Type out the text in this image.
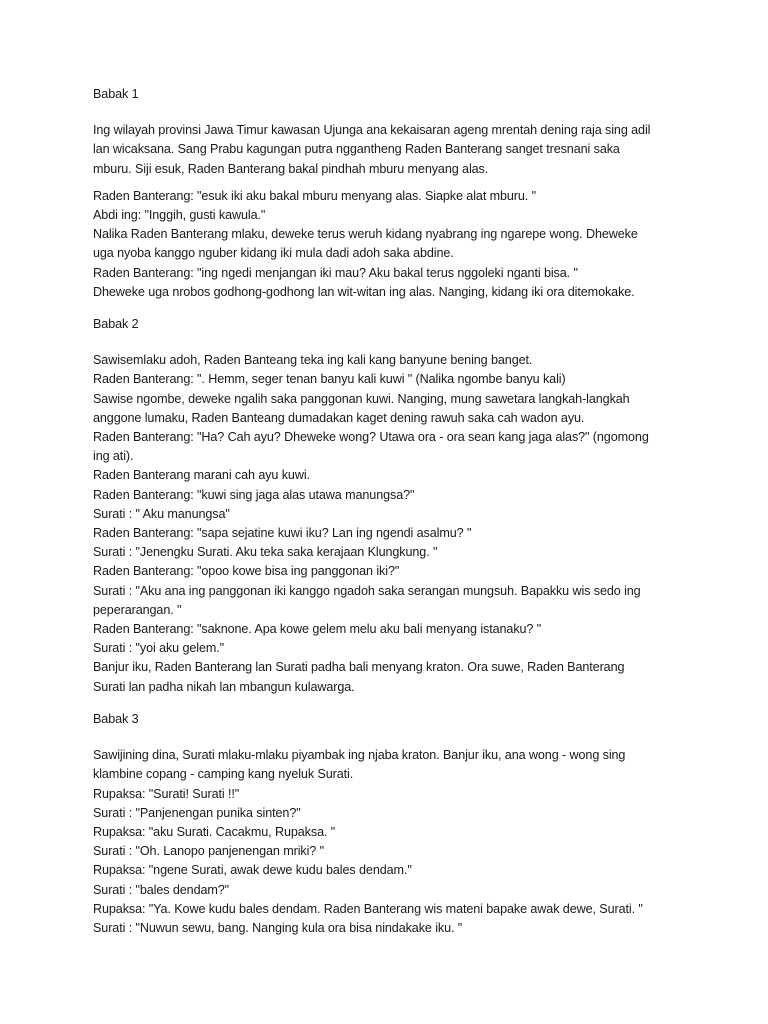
Babak 1
Ing wilayah provinsi Jawa Timur kawasan Ujunga ana kekaisaran ageng mrentah dening raja sing adil
lan wicaksana. Sang Prabu kagungan putra nggantheng Raden Banterang sanget tresnani saka
mburu. Siji esuk, Raden Banterang bakal pindhah mburu menyang alas.
Raden Banterang: "esuk iki aku bakal mburu menyang alas. Siapke alat mburu. "
Abdi ing: "Inggih, gusti kawula."
Nalika Raden Banterang mlaku, deweke terus weruh kidang nyabrang ing ngarepe wong. Dheweke
uga nyoba kanggo nguber kidang iki mula dadi adoh saka abdine.
Raden Banterang: "ing ngedi menjangan iki mau? Aku bakal terus nggoleki nganti bisa. "
Dheweke uga nrobos godhong-godhong lan wit-witan ing alas. Nanging, kidang iki ora ditemokake.
Babak 2
Sawisemlaku adoh, Raden Banteang teka ing kali kang banyune bening banget.
Raden Banterang: ". Hemm, seger tenan banyu kali kuwi " (Nalika ngombe banyu kali)
Sawise ngombe, deweke ngalih saka panggonan kuwi. Nanging, mung sawetara langkah-langkah
anggone lumaku, Raden Banteang dumadakan kaget dening rawuh saka cah wadon ayu.
Raden Banterang: "Ha? Cah ayu? Dheweke wong? Utawa ora - ora sean kang jaga alas?" (ngomong
ing ati).
Raden Banterang marani cah ayu kuwi.
Raden Banterang: "kuwi sing jaga alas utawa manungsa?"
Surati : " Aku manungsa"
Raden Banterang: "sapa sejatine kuwi iku? Lan ing ngendi asalmu? "
Surati : "Jenengku Surati. Aku teka saka kerajaan Klungkung. "
Raden Banterang: "opoo kowe bisa ing panggonan iki?"
Surati : "Aku ana ing panggonan iki kanggo ngadoh saka serangan mungsuh. Bapakku wis sedo ing
peperarangan. "
Raden Banterang: "saknone. Apa kowe gelem melu aku bali menyang istanaku? "
Surati : "yoi aku gelem."
Banjur iku, Raden Banterang lan Surati padha bali menyang kraton. Ora suwe, Raden Banterang
Surati lan padha nikah lan mbangun kulawarga.
Babak 3
Sawijining dina, Surati mlaku-mlaku piyambak ing njaba kraton. Banjur iku, ana wong - wong sing
klambine copang - camping kang nyeluk Surati.
Rupaksa: "Surati! Surati !!"
Surati : "Panjenengan punika sinten?"
Rupaksa: "aku Surati. Cacakmu, Rupaksa. "
Surati : "Oh. Lanopo panjenengan mriki? "
Rupaksa: "ngene Surati, awak dewe kudu bales dendam."
Surati : "bales dendam?"
Rupaksa: "Ya. Kowe kudu bales dendam. Raden Banterang wis mateni bapake awak dewe, Surati. "
Surati : "Nuwun sewu, bang. Nanging kula ora bisa nindakake iku. "
